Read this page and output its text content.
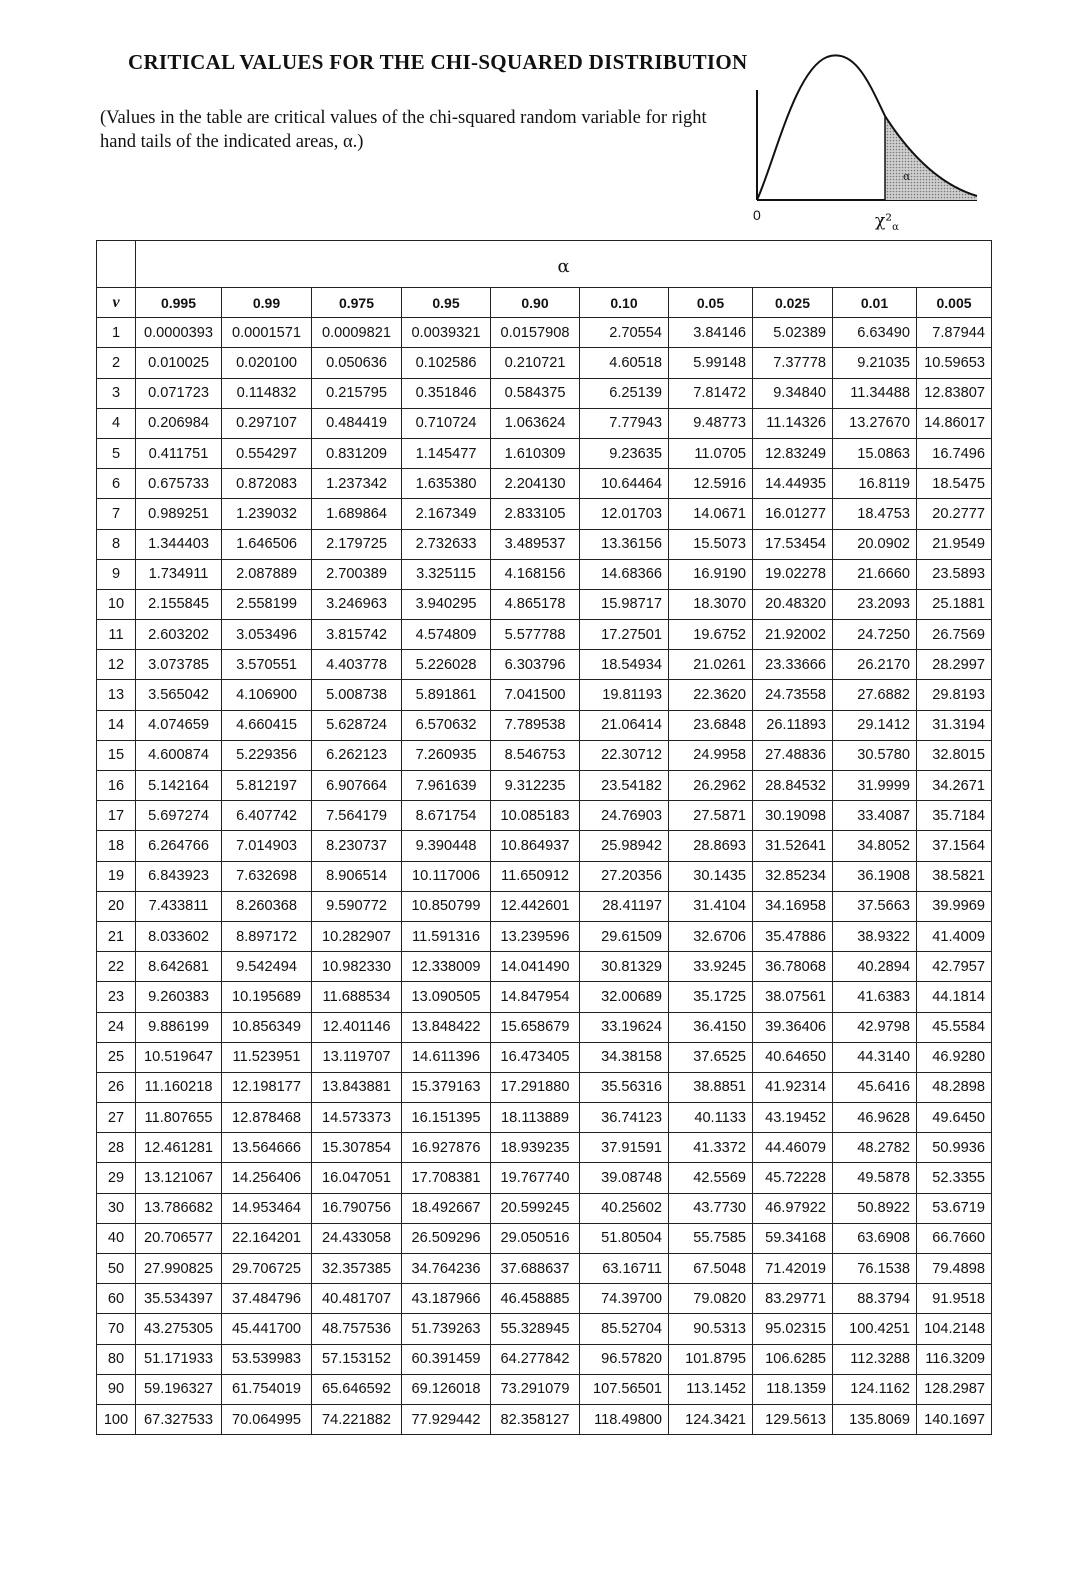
CRITICAL VALUES FOR THE CHI-SQUARED DISTRIBUTION
(Values in the table are critical values of the chi-squared random variable for right hand tails of the indicated areas, α.)
α
0	$\chi^2_\alpha$
	α									
ν	0.995	0.99	0.975	0.95	0.90	0.10	0.05	0.025	0.01	0.005
1	0.0000393	0.0001571	0.0009821	0.0039321	0.0157908	2.70554	3.84146	5.02389	6.63490	7.87944
2	0.010025	0.020100	0.050636	0.102586	0.210721	4.60518	5.99148	7.37778	9.21035	10.59653
3	0.071723	0.114832	0.215795	0.351846	0.584375	6.25139	7.81472	9.34840	11.34488	12.83807
4	0.206984	0.297107	0.484419	0.710724	1.063624	7.77943	9.48773	11.14326	13.27670	14.86017
5	0.411751	0.554297	0.831209	1.145477	1.610309	9.23635	11.0705	12.83249	15.0863	16.7496
6	0.675733	0.872083	1.237342	1.635380	2.204130	10.64464	12.5916	14.44935	16.8119	18.5475
7	0.989251	1.239032	1.689864	2.167349	2.833105	12.01703	14.0671	16.01277	18.4753	20.2777
8	1.344403	1.646506	2.179725	2.732633	3.489537	13.36156	15.5073	17.53454	20.0902	21.9549
9	1.734911	2.087889	2.700389	3.325115	4.168156	14.68366	16.9190	19.02278	21.6660	23.5893
10	2.155845	2.558199	3.246963	3.940295	4.865178	15.98717	18.3070	20.48320	23.2093	25.1881
11	2.603202	3.053496	3.815742	4.574809	5.577788	17.27501	19.6752	21.92002	24.7250	26.7569
12	3.073785	3.570551	4.403778	5.226028	6.303796	18.54934	21.0261	23.33666	26.2170	28.2997
13	3.565042	4.106900	5.008738	5.891861	7.041500	19.81193	22.3620	24.73558	27.6882	29.8193
14	4.074659	4.660415	5.628724	6.570632	7.789538	21.06414	23.6848	26.11893	29.1412	31.3194
15	4.600874	5.229356	6.262123	7.260935	8.546753	22.30712	24.9958	27.48836	30.5780	32.8015
16	5.142164	5.812197	6.907664	7.961639	9.312235	23.54182	26.2962	28.84532	31.9999	34.2671
17	5.697274	6.407742	7.564179	8.671754	10.085183	24.76903	27.5871	30.19098	33.4087	35.7184
18	6.264766	7.014903	8.230737	9.390448	10.864937	25.98942	28.8693	31.52641	34.8052	37.1564
19	6.843923	7.632698	8.906514	10.117006	11.650912	27.20356	30.1435	32.85234	36.1908	38.5821
20	7.433811	8.260368	9.590772	10.850799	12.442601	28.41197	31.4104	34.16958	37.5663	39.9969
21	8.033602	8.897172	10.282907	11.591316	13.239596	29.61509	32.6706	35.47886	38.9322	41.4009
22	8.642681	9.542494	10.982330	12.338009	14.041490	30.81329	33.9245	36.78068	40.2894	42.7957
23	9.260383	10.195689	11.688534	13.090505	14.847954	32.00689	35.1725	38.07561	41.6383	44.1814
24	9.886199	10.856349	12.401146	13.848422	15.658679	33.19624	36.4150	39.36406	42.9798	45.5584
25	10.519647	11.523951	13.119707	14.611396	16.473405	34.38158	37.6525	40.64650	44.3140	46.9280
26	11.160218	12.198177	13.843881	15.379163	17.291880	35.56316	38.8851	41.92314	45.6416	48.2898
27	11.807655	12.878468	14.573373	16.151395	18.113889	36.74123	40.1133	43.19452	46.9628	49.6450
28	12.461281	13.564666	15.307854	16.927876	18.939235	37.91591	41.3372	44.46079	48.2782	50.9936
29	13.121067	14.256406	16.047051	17.708381	19.767740	39.08748	42.5569	45.72228	49.5878	52.3355
30	13.786682	14.953464	16.790756	18.492667	20.599245	40.25602	43.7730	46.97922	50.8922	53.6719
40	20.706577	22.164201	24.433058	26.509296	29.050516	51.80504	55.7585	59.34168	63.6908	66.7660
50	27.990825	29.706725	32.357385	34.764236	37.688637	63.16711	67.5048	71.42019	76.1538	79.4898
60	35.534397	37.484796	40.481707	43.187966	46.458885	74.39700	79.0820	83.29771	88.3794	91.9518
70	43.275305	45.441700	48.757536	51.739263	55.328945	85.52704	90.5313	95.02315	100.4251	104.2148
80	51.171933	53.539983	57.153152	60.391459	64.277842	96.57820	101.8795	106.6285	112.3288	116.3209
90	59.196327	61.754019	65.646592	69.126018	73.291079	107.56501	113.1452	118.1359	124.1162	128.2987
100	67.327533	70.064995	74.221882	77.929442	82.358127	118.49800	124.3421	129.5613	135.8069	140.1697
